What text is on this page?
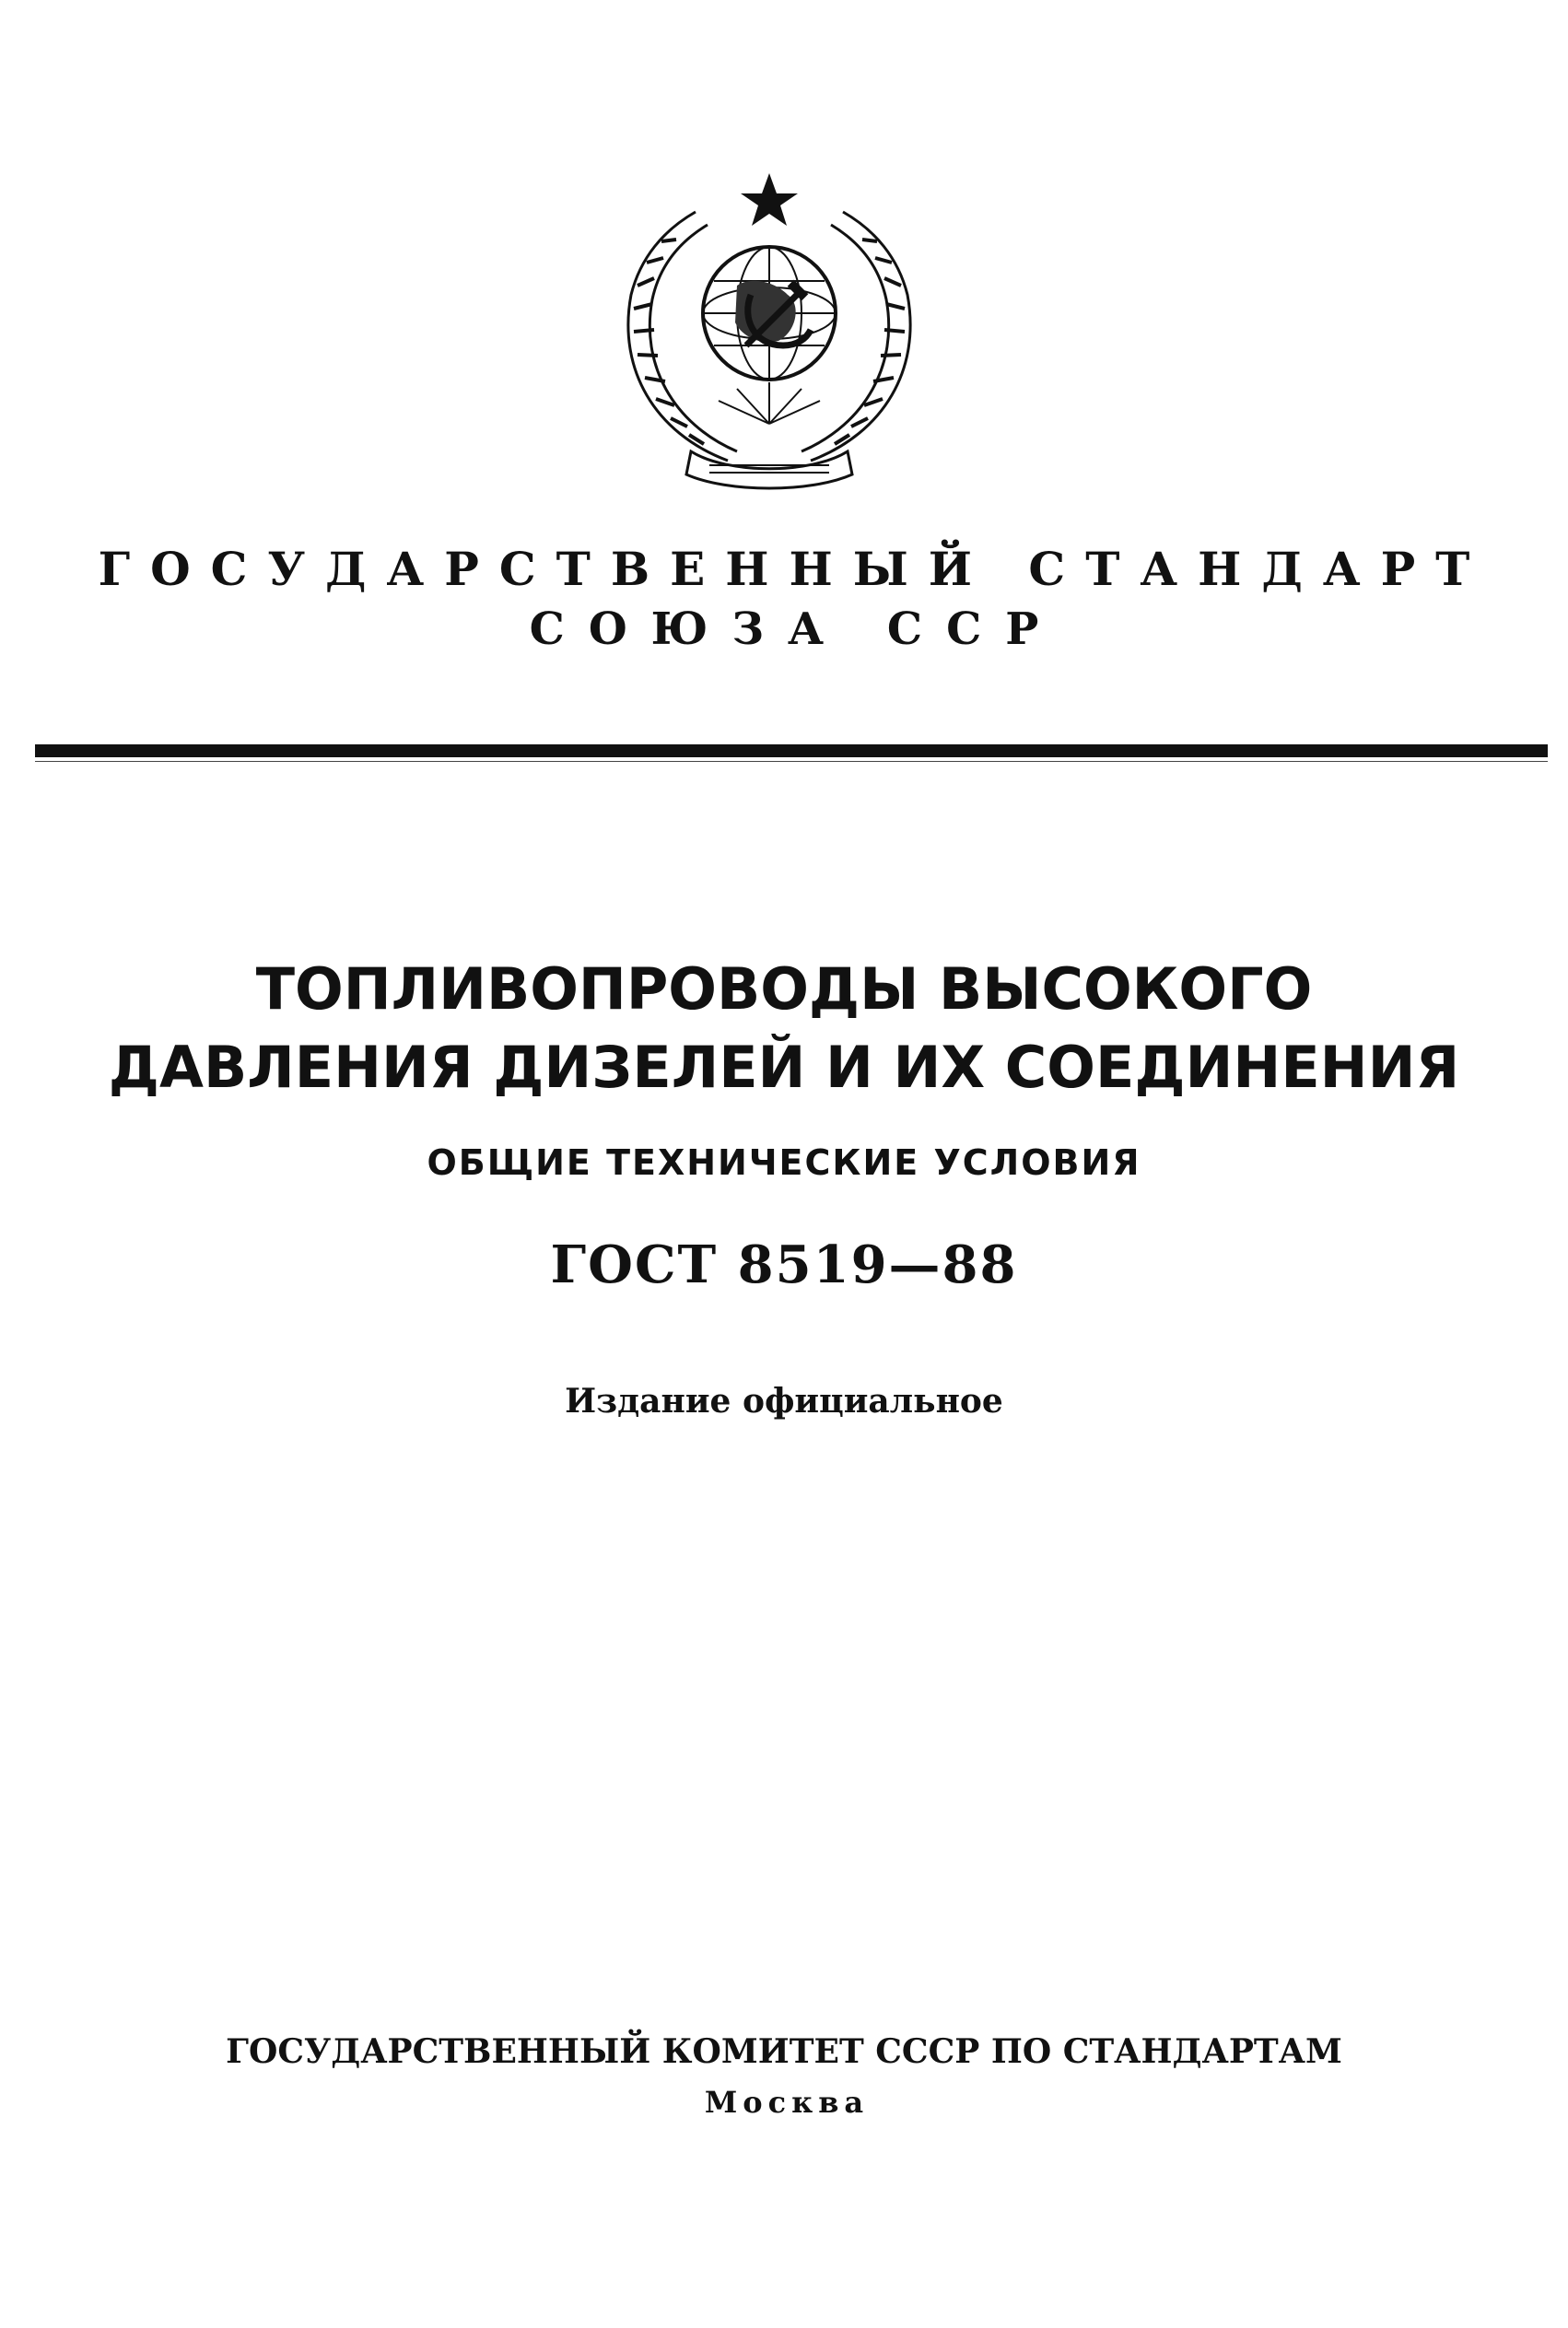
ГОСУДАРСТВЕННЫЙ СТАНДАРТ
СОЮЗА ССР
ТОПЛИВОПРОВОДЫ ВЫСОКОГО
ДАВЛЕНИЯ ДИЗЕЛЕЙ И ИХ СОЕДИНЕНИЯ
ОБЩИЕ ТЕХНИЧЕСКИЕ УСЛОВИЯ
ГОСТ 8519—88
Издание официальное
ГОСУДАРСТВЕННЫЙ КОМИТЕТ СССР ПО СТАНДАРТАМ
Москва
